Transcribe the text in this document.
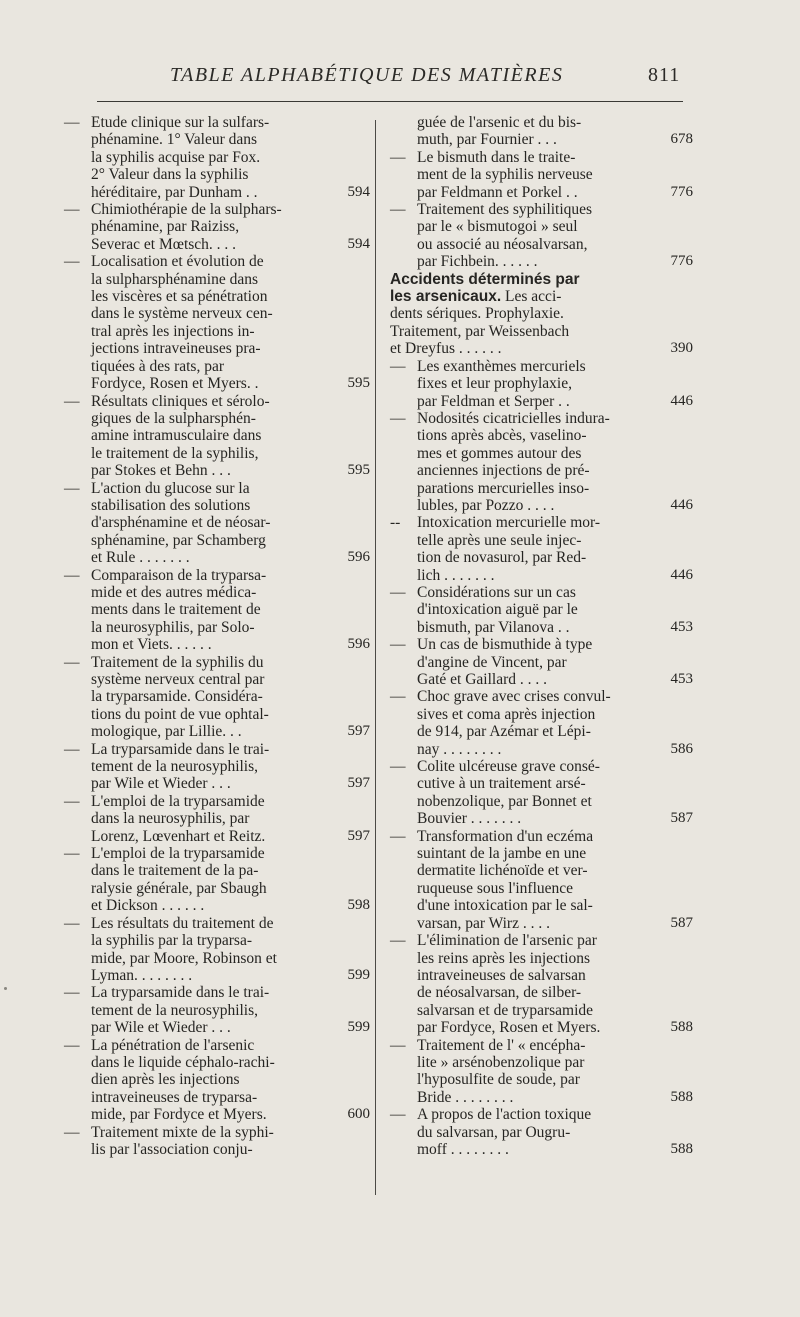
TABLE ALPHABÉTIQUE DES MATIÈRES	811
— Etude clinique sur la sulfars-
phénamine. 1° Valeur dans
la syphilis acquise par Fox.
2° Valeur dans la syphilis
héréditaire, par Dunham . .	594
— Chimiothérapie de la sulphars-
phénamine, par Raiziss,
Severac et Mœtsch. . . .	594
— Localisation et évolution de
la sulpharsphénamine dans
les viscères et sa pénétration
dans le système nerveux cen-
tral après les injections in-
jections intraveineuses pra-
tiquées à des rats, par
Fordyce, Rosen et Myers. .	595
— Résultats cliniques et sérolo-
giques de la sulpharsphén-
amine intramusculaire dans
le traitement de la syphilis,
par Stokes et Behn . . .	595
— L'action du glucose sur la
stabilisation des solutions
d'arsphénamine et de néosar-
sphénamine, par Schamberg
et Rule . . . . . . .	596
— Comparaison de la tryparsa-
mide et des autres médica-
ments dans le traitement de
la neurosyphilis, par Solo-
mon et Viets. . . . . .	596
— Traitement de la syphilis du
système nerveux central par
la tryparsamide. Considéra-
tions du point de vue ophtal-
mologique, par Lillie. . .	597
— La tryparsamide dans le trai-
tement de la neurosyphilis,
par Wile et Wieder . . .	597
— L'emploi de la tryparsamide
dans la neurosyphilis, par
Lorenz, Lœvenhart et Reitz.	597
— L'emploi de la tryparsamide
dans le traitement de la pa-
ralysie générale, par Sbaugh
et Dickson . . . . . .	598
— Les résultats du traitement de
la syphilis par la tryparsa-
mide, par Moore, Robinson et
Lyman. . . . . . . .	599
— La tryparsamide dans le trai-
tement de la neurosyphilis,
par Wile et Wieder . . .	599
— La pénétration de l'arsenic
dans le liquide céphalo-rachi-
dien après les injections
intraveineuses de tryparsa-
mide, par Fordyce et Myers.	600
— Traitement mixte de la syphi-
lis par l'association conju-
guée de l'arsenic et du bis-
muth, par Fournier . . .	678
— Le bismuth dans le traite-
ment de la syphilis nerveuse
par Feldmann et Porkel . .	776
— Traitement des syphilitiques
par le « bismutogoi » seul
ou associé au néosalvarsan,
par Fichbein. . . . . .	776
Accidents déterminés par
les arsenicaux. Les acci-
dents sériques. Prophylaxie.
Traitement, par Weissenbach
et Dreyfus . . . . . .	390
— Les exanthèmes mercuriels
fixes et leur prophylaxie,
par Feldman et Serper . .	446
— Nodosités cicatricielles indura-
tions après abcès, vaselino-
mes et gommes autour des
anciennes injections de pré-
parations mercurielles inso-
lubles, par Pozzo . . . .	446
--	Intoxication mercurielle mor-
telle après une seule injec-
tion de novasurol, par Red-
lich . . . . . . .	446
— Considérations sur un cas
d'intoxication aiguë par le
bismuth, par Vilanova . .	453
— Un cas de bismuthide à type
d'angine de Vincent, par
Gaté et Gaillard . . . .	453
— Choc grave avec crises convul-
sives et coma après injection
de 914, par Azémar et Lépi-
nay . . . . . . . .	586
— Colite ulcéreuse grave consé-
cutive à un traitement arsé-
nobenzolique, par Bonnet et
Bouvier . . . . . . .	587
— Transformation d'un eczéma
suintant de la jambe en une
dermatite lichénoïde et ver-
ruqueuse sous l'influence
d'une intoxication par le sal-
varsan, par Wirz . . . .	587
— L'élimination de l'arsenic par
les reins après les injections
intraveineuses de salvarsan
de néosalvarsan, de silber-
salvarsan et de tryparsamide
par Fordyce, Rosen et Myers.	588
— Traitement de l' « encépha-
lite » arsénobenzolique par
l'hyposulfite de soude, par
Bride . . . . . . . .	588
— A propos de l'action toxique
du salvarsan, par Ougru-
moff . . . . . . . .	588
